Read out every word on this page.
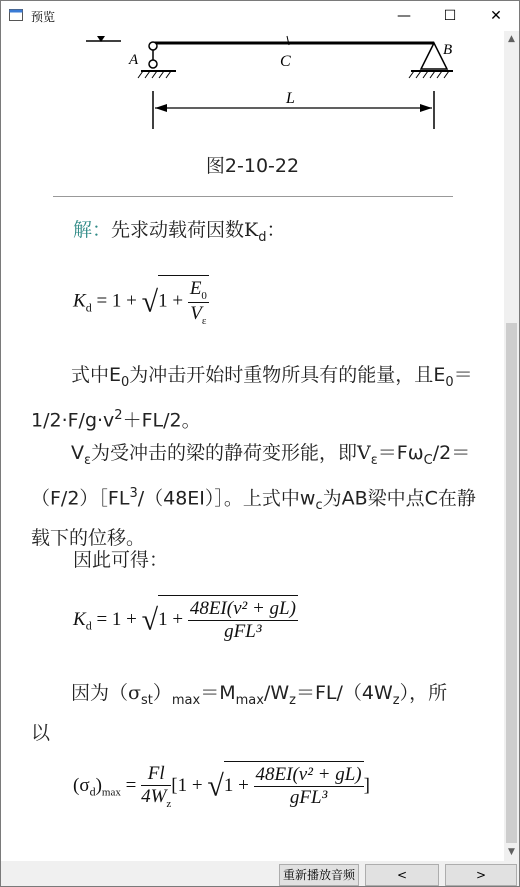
预览	—	☐	✕
A
B
C
L
图2-10-22
解：先求动载荷因数$K_d$：
$K_d = 1 + √1 + \frac{E_0}{V_\varepsilon}$
式中$E_0$为冲击开始时重物所具有的能量，且$E_0=1/2\cdot F/g\cdot v^2+FL/2$。
$V_\varepsilon$为受冲击的梁的静荷变形能，即$V_\varepsilon=F\omega_C/2=(F/2)[FL^3/(48EI)]$。上式中$w_c$为AB梁中点C在静载下的位移。
因此可得：
$K_d = 1 + √1 + \frac{\text{48EI(v² + gL)}}{\text{gFL³}}$
因为$(\sigma_{st})_{max}=M_{max}/W_z=FL/(4W_z)$，所
以
$(\sigma_d)_{max} = \frac{Fl}{4W_z} [1 + √1 + \frac{\text{48EI(v² + gL)}}{\text{gFL³}}$ ]
▲
▼
重新播放音频	<	>
